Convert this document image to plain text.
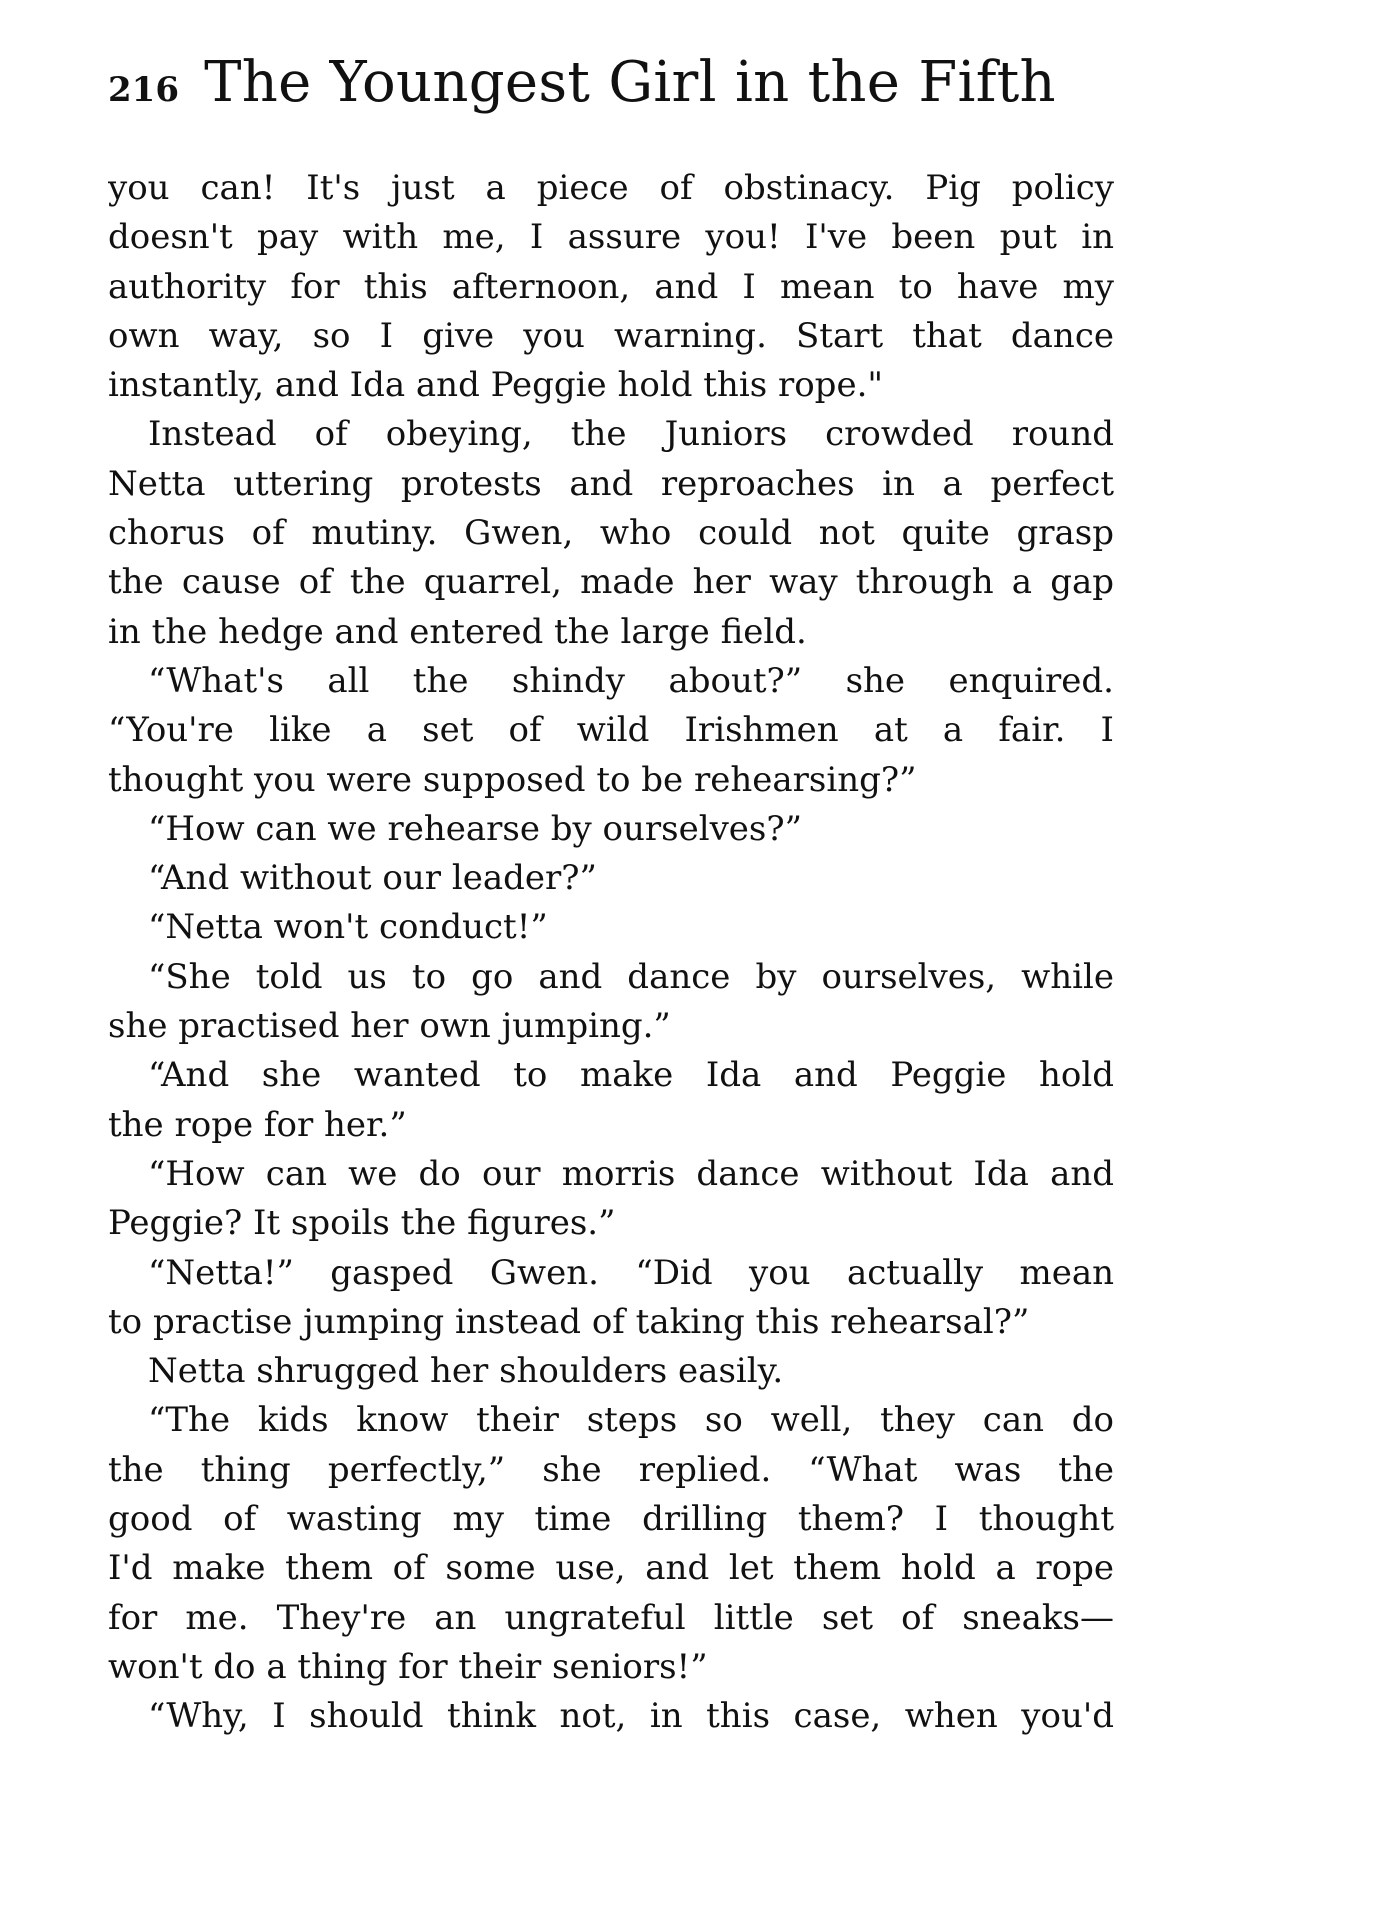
216 The Youngest Girl in the Fifth
you can! It's just a piece of obstinacy. Pig policy
doesn't pay with me, I assure you! I've been put in
authority for this afternoon, and I mean to have my
own way, so I give you warning. Start that dance
instantly, and Ida and Peggie hold this rope."
Instead of obeying, the Juniors crowded round
Netta uttering protests and reproaches in a perfect
chorus of mutiny. Gwen, who could not quite grasp
the cause of the quarrel, made her way through a gap
in the hedge and entered the large field.
“What's all the shindy about?” she enquired.
“You're like a set of wild Irishmen at a fair. I
thought you were supposed to be rehearsing?”
“How can we rehearse by ourselves?”
“And without our leader?”
“Netta won't conduct!”
“She told us to go and dance by ourselves, while
she practised her own jumping.”
“And she wanted to make Ida and Peggie hold
the rope for her.”
“How can we do our morris dance without Ida and
Peggie? It spoils the figures.”
“Netta!” gasped Gwen. “Did you actually mean
to practise jumping instead of taking this rehearsal?”
Netta shrugged her shoulders easily.
“The kids know their steps so well, they can do
the thing perfectly,” she replied. “What was the
good of wasting my time drilling them? I thought
I'd make them of some use, and let them hold a rope
for me. They're an ungrateful little set of sneaks—
won't do a thing for their seniors!”
“Why, I should think not, in this case, when you'd
